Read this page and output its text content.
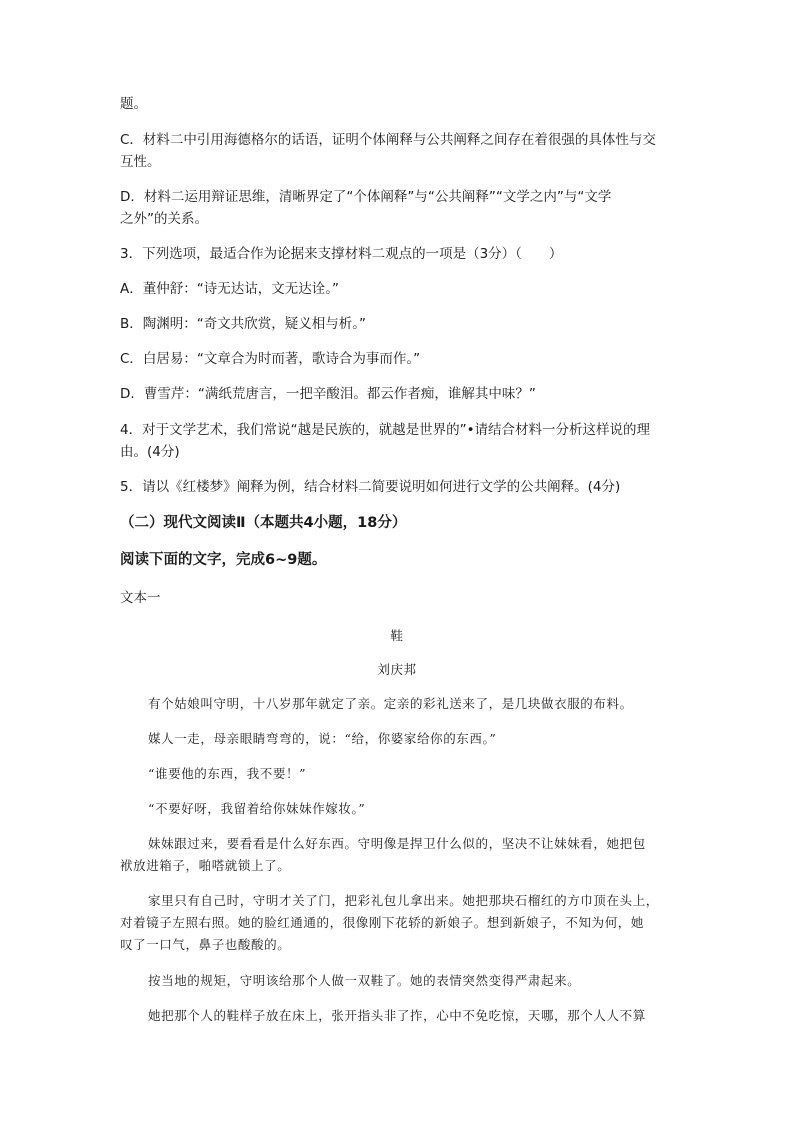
题。
C．材料二中引用海德格尔的话语，证明个体阐释与公共阐释之间存在着很强的具体性与交
互性。
D．材料二运用辩证思维，清晰界定了“个体阐释”与“公共阐释”“文学之内”与“文学
之外”的关系。
3．下列选项，最适合作为论据来支撑材料二观点的一项是（3分）（　　）
A．董仲舒：“诗无达诂，文无达诠。”
B．陶渊明：“奇文共欣赏，疑义相与析。”
C．白居易：“文章合为时而著，歌诗合为事而作。”
D．曹雪芹：“满纸荒唐言，一把辛酸泪。都云作者痴，谁解其中味？”
4．对于文学艺术，我们常说“越是民族的，就越是世界的”•请结合材料一分析这样说的理
由。(4分)
5．请以《红楼梦》阐释为例，结合材料二简要说明如何进行文学的公共阐释。(4分)
（二）现代文阅读Ⅱ（本题共4小题，18分）
阅读下面的文字，完成6~9题。
文本一
鞋
刘庆邦
有个姑娘叫守明，十八岁那年就定了亲。定亲的彩礼送来了，是几块做衣服的布料。
媒人一走，母亲眼睛弯弯的，说：“给，你婆家给你的东西。”
“谁要他的东西，我不要！”
“不要好呀，我留着给你妹妹作嫁妆。”
妹妹跟过来，要看看是什么好东西。守明像是捍卫什么似的，坚决不让妹妹看，她把包
袱放进箱子，啪嗒就锁上了。
家里只有自己时，守明才关了门，把彩礼包儿拿出来。她把那块石榴红的方巾顶在头上，
对着镜子左照右照。她的脸红通通的，很像刚下花轿的新娘子。想到新娘子，不知为何，她
叹了一口气，鼻子也酸酸的。
按当地的规矩，守明该给那个人做一双鞋了。她的表情突然变得严肃起来。
她把那个人的鞋样子放在床上，张开指头非了拃，心中不免吃惊，天哪，那个人人不算
